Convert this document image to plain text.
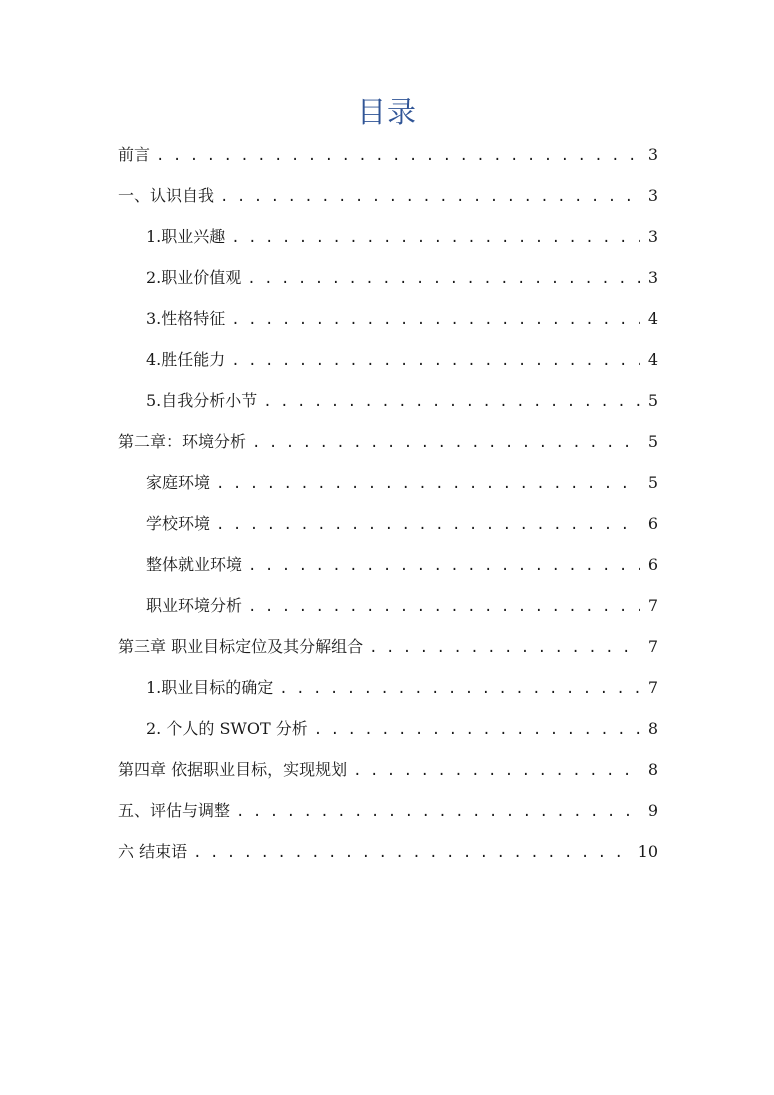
目录
前言 . . .	3
一、认识自我 . . .	3
1.职业兴趣 . . .	3
2.职业价值观 . . .	3
3.性格特征 . . .	4
4.胜任能力 . . .	4
5.自我分析小节 . . .	5
第二章：环境分析 . . .	5
家庭环境 . . .	5
学校环境 . . .	6
整体就业环境 . . .	6
职业环境分析 . . .	7
第三章 职业目标定位及其分解组合 . . .	7
1.职业目标的确定 . . .	7
2. 个人的 SWOT 分析 . . .	8
第四章 依据职业目标，实现规划 . . .	8
五、评估与调整 . . .	9
六 结束语 . . .	10
